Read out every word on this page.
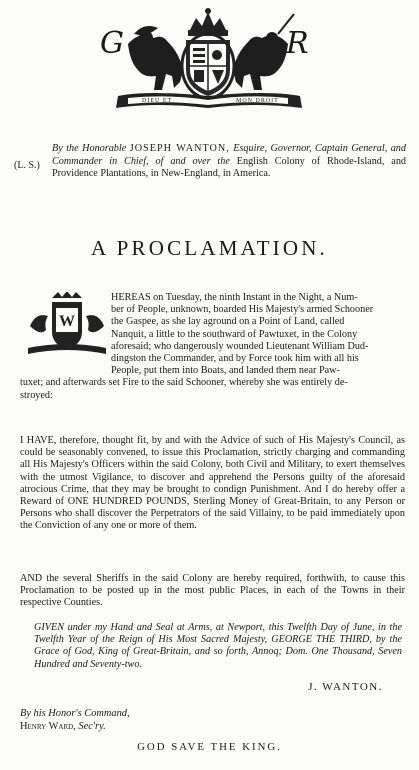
G	R
DIEU ET	MON DROIT
(L. S.)
By the Honorable JOSEPH WANTON, Esquire, Governor, Captain General, and Commander in Chief, of and over the English Colony of Rhode-Island, and Providence Plantations, in New-England, in America.
A PROCLAMATION.
W
HEREAS on Tuesday, the ninth Instant in the Night, a Num-
ber of People, unknown, boarded His Majesty's armed Schooner
the Gaspee, as she lay aground on a Point of Land, called
Nanquit, a little to the southward of Pawtuxet, in the Colony
aforesaid; who dangerously wounded Lieutenant William Dud-
dingston the Commander, and by Force took him with all his
People, put them into Boats, and landed them near Paw-
tuxet; and afterwards set Fire to the said Schooner, whereby she was entirely de-
stroyed:
I HAVE, therefore, thought fit, by and with the Advice of such of His Majesty's Council, as could be seasonably convened, to issue this Proclamation, strictly charging and commanding all His Majesty's Officers within the said Colony, both Civil and Military, to exert themselves with the utmost Vigilance, to discover and apprehend the Persons guilty of the aforesaid atrocious Crime, that they may be brought to condign Punishment. And I do hereby offer a Reward of ONE HUNDRED POUNDS, Sterling Money of Great-Britain, to any Person or Persons who shall discover the Perpetrators of the said Villainy, to be paid immediately upon the Conviction of any one or more of them.
AND the several Sheriffs in the said Colony are hereby required, forthwith, to cause this Proclamation to be posted up in the most public Places, in each of the Towns in their respective Counties.
GIVEN under my Hand and Seal at Arms, at Newport, this Twelfth Day of June, in the Twelfth Year of the Reign of His Most Sacred Majesty, GEORGE THE THIRD, by the Grace of God, King of Great-Britain, and so forth, Annoq; Dom. One Thousand, Seven Hundred and Seventy-two.
J. WANTON.
By his Honor's Command,
Henry Ward, Sec'ry.
GOD SAVE THE KING.
